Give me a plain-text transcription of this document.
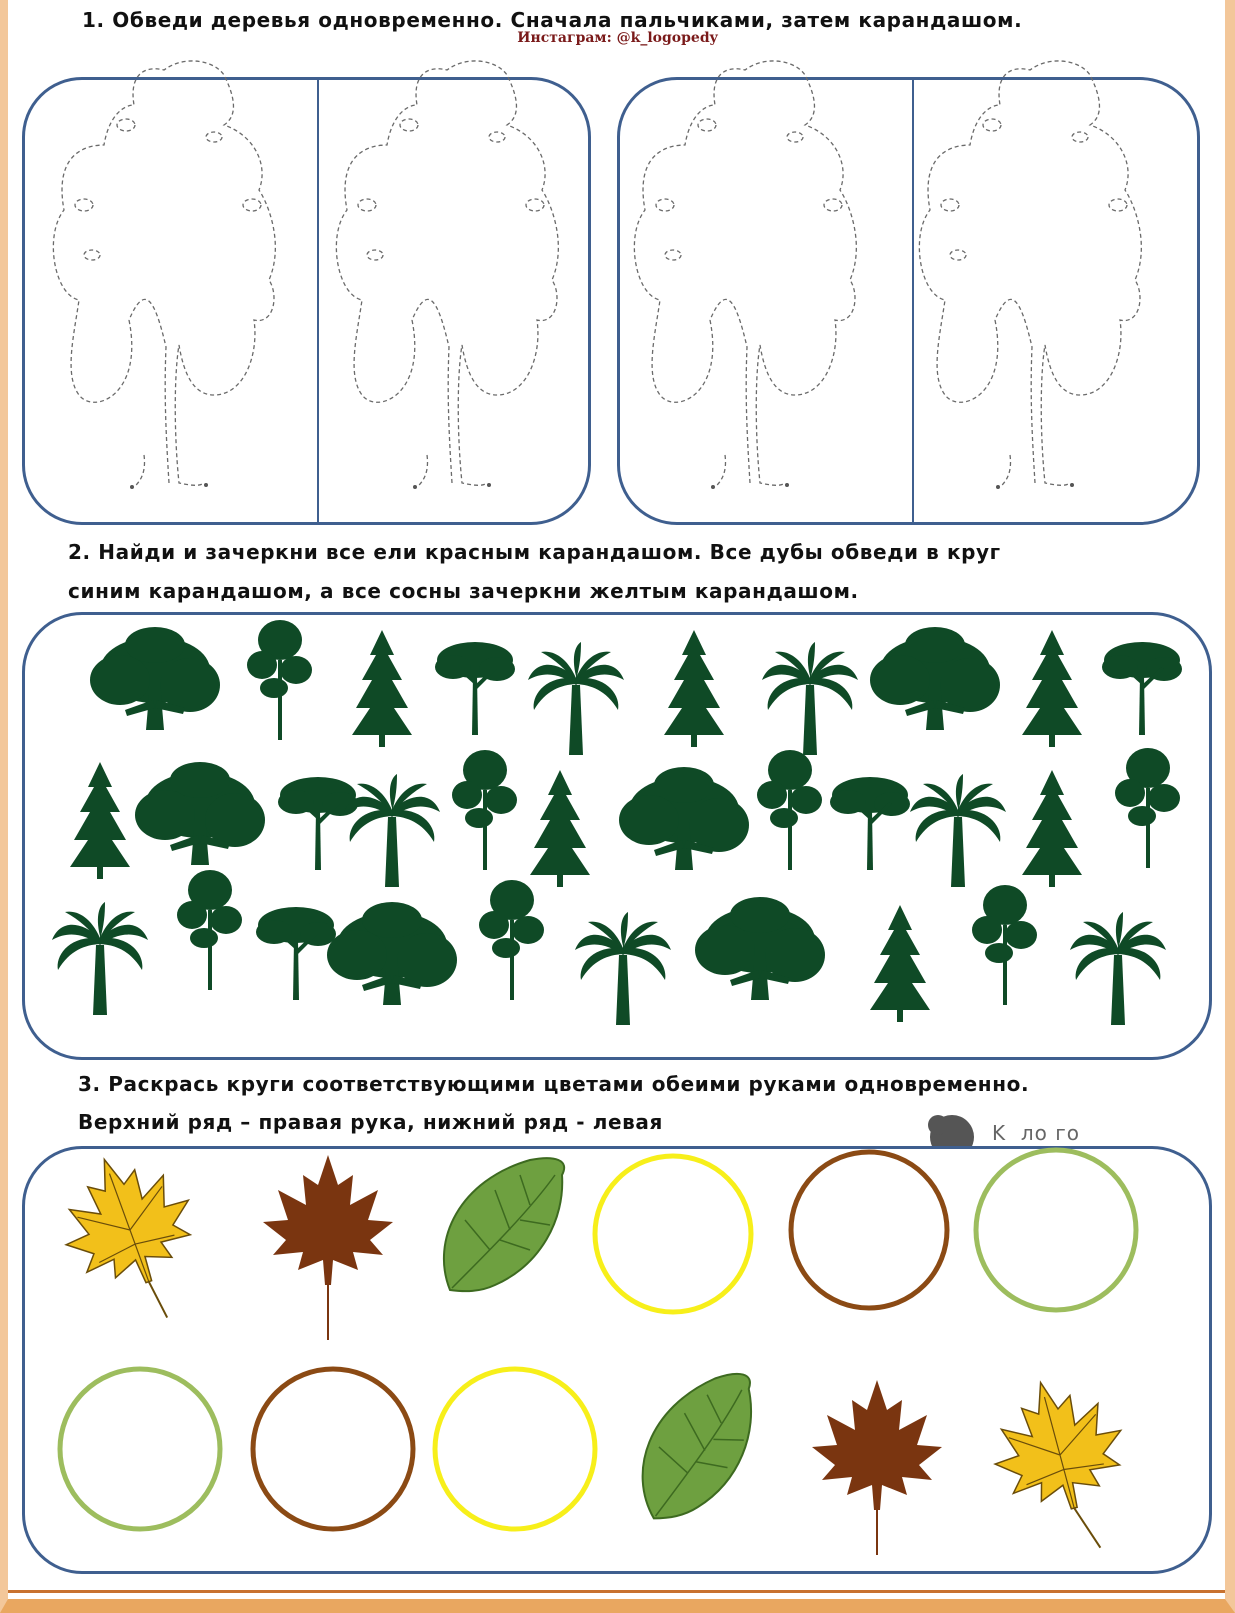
1. Обведи деревья одновременно. Сначала пальчиками, затем карандашом.
Инстаграм: @k_logopedy
2. Найди и зачеркни все ели красным карандашом. Все дубы обведи в круг
синим карандашом, а все сосны зачеркни желтым карандашом.
3. Раскрась круги соответствующими цветами обеими руками одновременно.
Верхний ряд – правая рука, нижний ряд - левая	K  ло го
